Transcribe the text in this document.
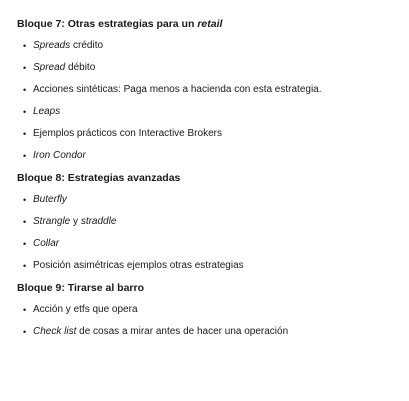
Bloque 7: Otras estrategias para un retail
• Spreads crédito
• Spread débito
• Acciones sintéticas: Paga menos a hacienda con esta estrategia.
• Leaps
• Ejemplos prácticos con Interactive Brokers
• Iron Condor
Bloque 8: Estrategias avanzadas
• Buterfly
• Strangle y straddle
• Collar
• Posición asimétricas ejemplos otras estrategias
Bloque 9: Tirarse al barro
• Acción y etfs que opera
• Check list de cosas a mirar antes de hacer una operación
